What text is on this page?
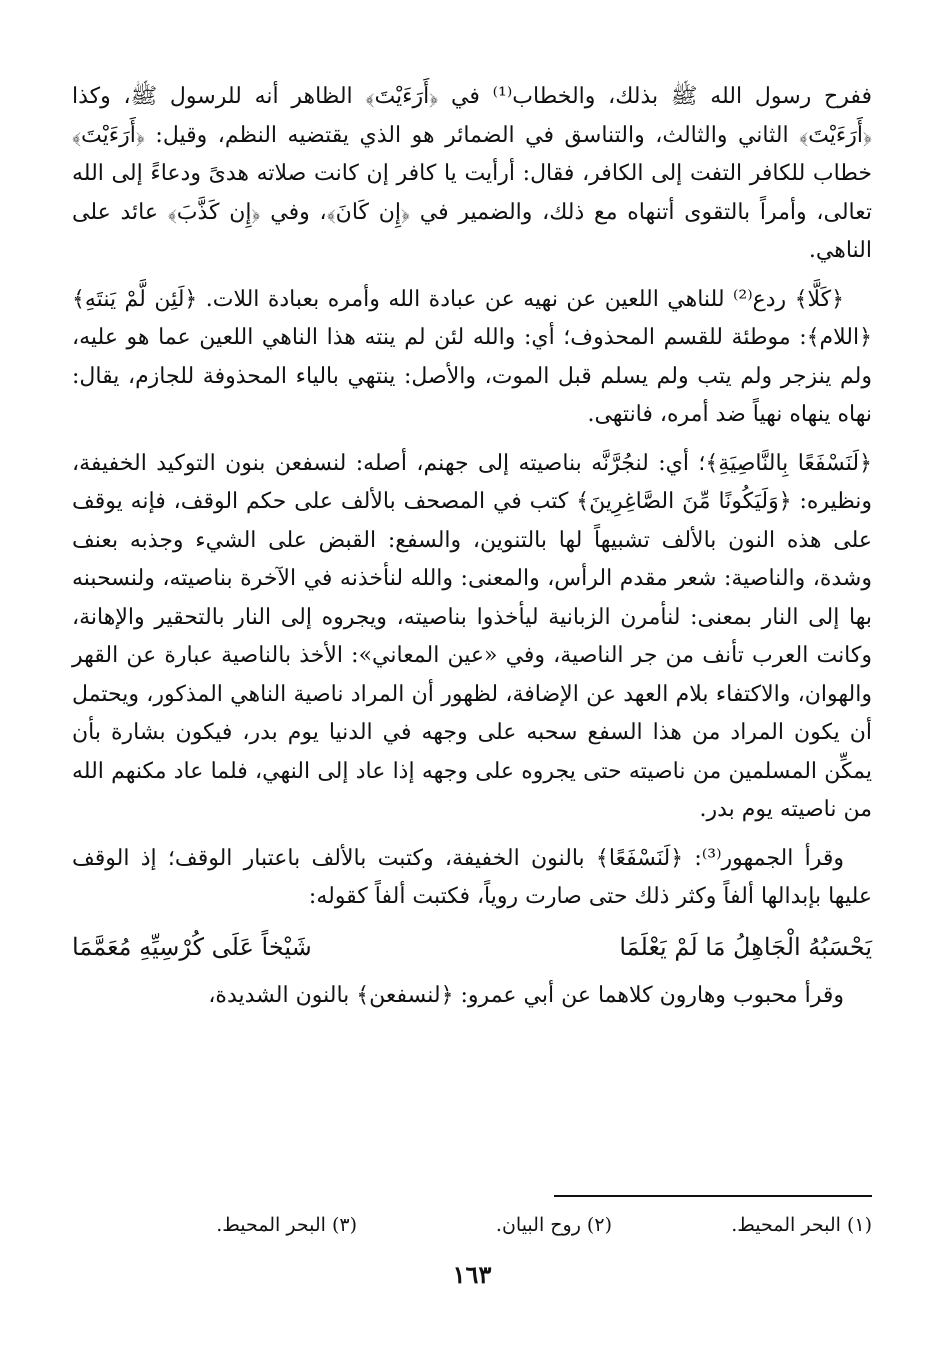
ففرح رسول الله ﷺ بذلك، والخطاب⁽¹⁾ في ﴿أَرَءَيْتَ﴾ الظاهر أنه للرسول ﷺ، وكذا ﴿أَرَءَيْتَ﴾ الثاني والثالث، والتناسق في الضمائر هو الذي يقتضيه النظم، وقيل: ﴿أَرَءَيْتَ﴾ خطاب للكافر التفت إلى الكافر، فقال: أرأيت يا كافر إن كانت صلاته هدىً ودعاءً إلى الله تعالى، وأمراً بالتقوى أتنهاه مع ذلك، والضمير في ﴿إِن كَانَ﴾، وفي ﴿إِن كَذَّبَ﴾ عائد على الناهي.

﴿كَلَّا﴾ ردع⁽²⁾ للناهي اللعين عن نهيه عن عبادة الله وأمره بعبادة اللات. ﴿لَئِن لَّمْ يَنتَهِ﴾ ﴿اللام﴾: موطئة للقسم المحذوف؛ أي: والله لئن لم ينته هذا الناهي اللعين عما هو عليه، ولم ينزجر ولم يتب ولم يسلم قبل الموت، والأصل: ينتهي بالياء المحذوفة للجازم، يقال: نهاه ينهاه نهياً ضد أمره، فانتهى.

﴿لَنَسْفَعًا بِالنَّاصِيَةِ﴾؛ أي: لنجُرَّنَّه بناصيته إلى جهنم، أصله: لنسفعن بنون التوكيد الخفيفة، ونظيره: ﴿وَلَيَكُونًا مِّنَ الصَّاغِرِينَ﴾ كتب في المصحف بالألف على حكم الوقف، فإنه يوقف على هذه النون بالألف تشبيهاً لها بالتنوين، والسفع: القبض على الشيء وجذبه بعنف وشدة، والناصية: شعر مقدم الرأس، والمعنى: والله لنأخذنه في الآخرة بناصيته، ولنسحبنه بها إلى النار بمعنى: لنأمرن الزبانية ليأخذوا بناصيته، ويجروه إلى النار بالتحقير والإهانة، وكانت العرب تأنف من جر الناصية، وفي «عين المعاني»: الأخذ بالناصية عبارة عن القهر والهوان، والاكتفاء بلام العهد عن الإضافة، لظهور أن المراد ناصية الناهي المذكور، ويحتمل أن يكون المراد من هذا السفع سحبه على وجهه في الدنيا يوم بدر، فيكون بشارة بأن يمكِّن المسلمين من ناصيته حتى يجروه على وجهه إذا عاد إلى النهي، فلما عاد مكنهم الله من ناصيته يوم بدر.

وقرأ الجمهور⁽³⁾: ﴿لَنَسْفَعًا﴾ بالنون الخفيفة، وكتبت بالألف باعتبار الوقف؛ إذ الوقف عليها بإبدالها ألفاً وكثر ذلك حتى صارت روياً، فكتبت ألفاً كقوله:

يَحْسَبُهُ الْجَاهِلُ مَا لَمْ يَعْلَمَا
شَيْخاً عَلَى كُرْسِيِّهِ مُعَمَّمَا

وقرأ محبوب وهارون كلاهما عن أبي عمرو: ﴿لنسفعن﴾ بالنون الشديدة،

(١) البحر المحيط.
(٢) روح البيان.
(٣) البحر المحيط.
١٦٣
